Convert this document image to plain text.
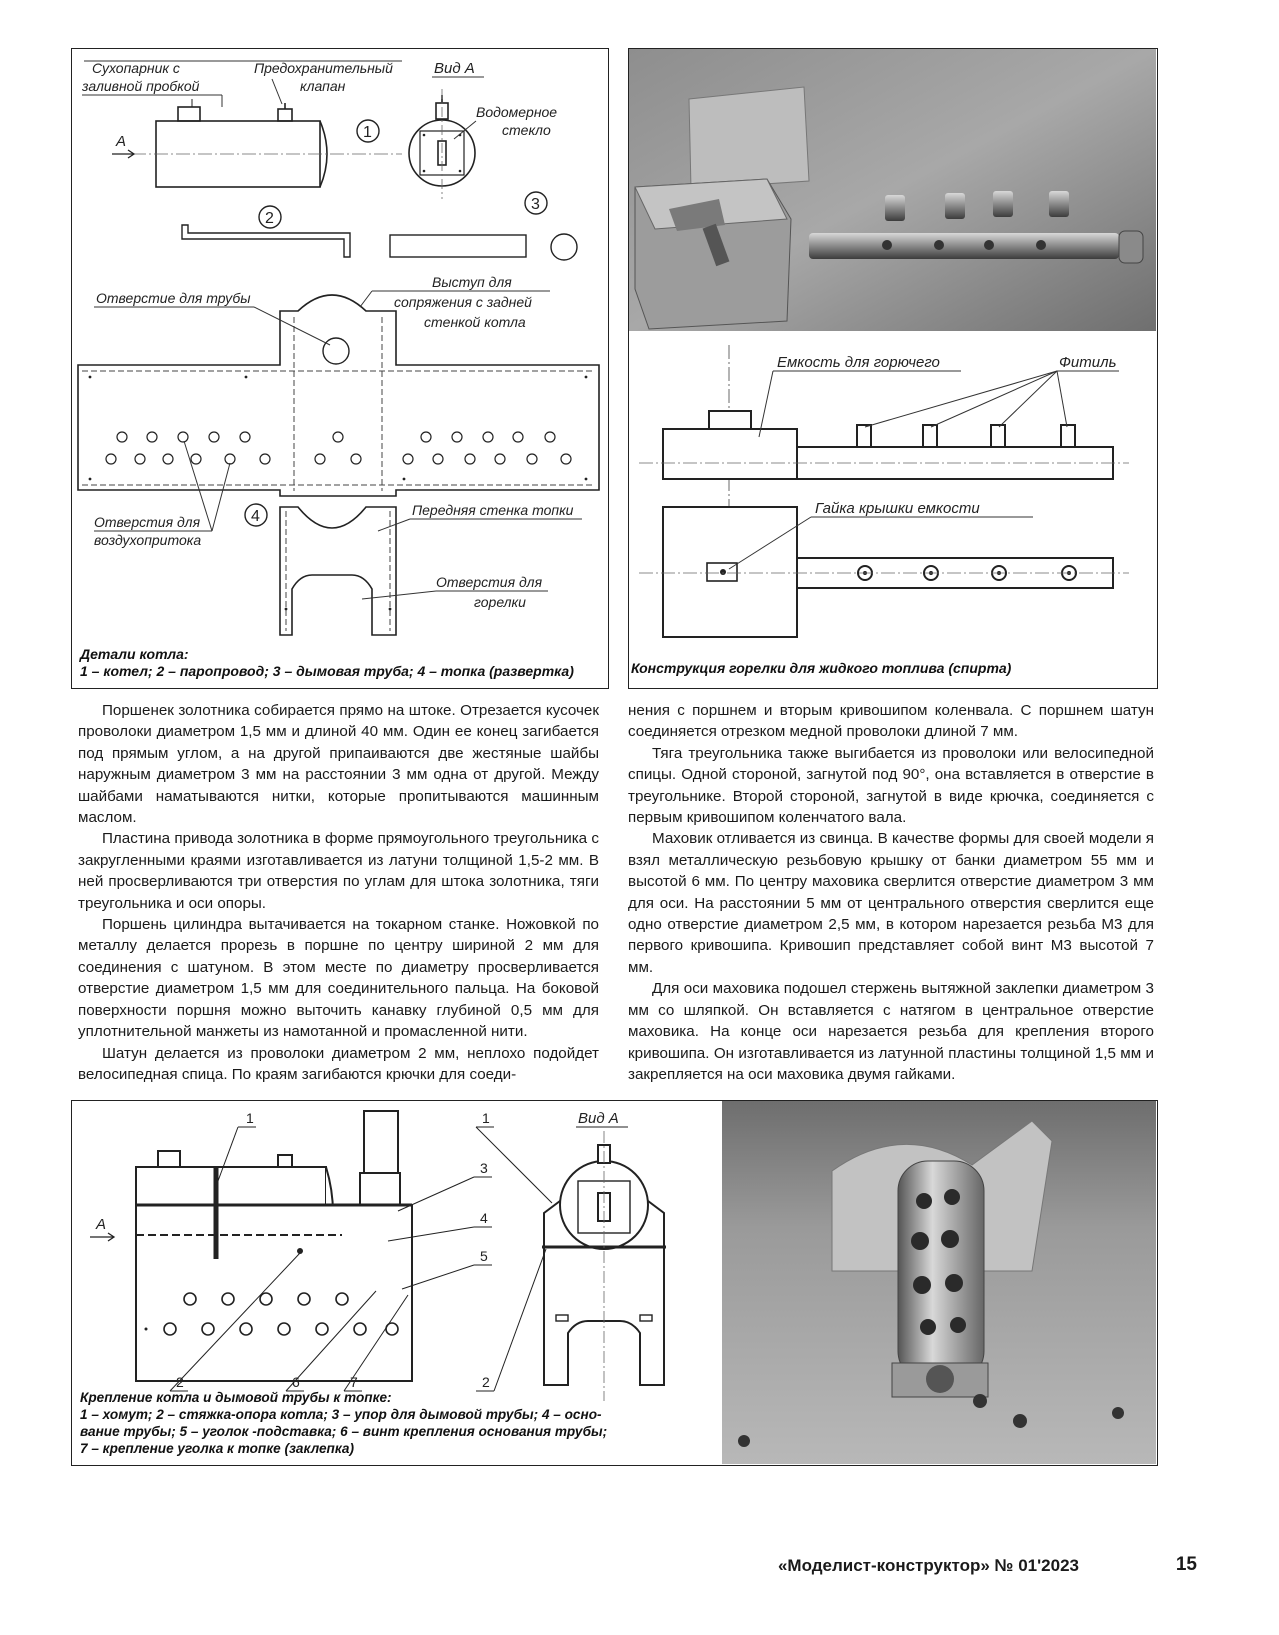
А
Сухопарник с
заливной пробкой
Предохранительный
клапан
1
Вид А
Водомерное
стекло
2
3
Отверстие для трубы
Выступ для
сопряжения с задней
стенкой котла
Отверстия для
воздухопритока
4	Передняя стенка топки
Отверстия для
горелки
Детали котла:
1 – котел; 2 – паропровод; 3 – дымовая труба; 4 – топка (развертка)
Емкость для горючего	Фитиль
Гайка крышки емкости
Конструкция горелки для жидкого топлива (спирта)

Поршенек золотника собирается прямо на штоке. Отрезается кусочек проволоки диаметром 1,5 мм и длиной 40 мм. Один ее конец загибается под прямым углом, а на другой припаиваются две жестяные шайбы наружным диаметром 3 мм на расстоянии 3 мм одна от другой. Между шайбами наматываются нитки, которые пропитываются машинным маслом.

Пластина привода золотника в форме прямоугольного треугольника с закругленными краями изготавливается из латуни толщиной 1,5-2 мм. В ней просверливаются три отверстия по углам для штока золотника, тяги треугольника и оси опоры.

Поршень цилиндра вытачивается на токарном станке. Ножовкой по металлу делается прорезь в поршне по центру шириной 2 мм для соединения с шатуном. В этом месте по диаметру просверливается отверстие диаметром 1,5 мм для соединительного пальца. На боковой поверхности поршня можно выточить канавку глубиной 0,5 мм для уплотнительной манжеты из намотанной и промасленной нити.

Шатун делается из проволоки диаметром 2 мм, неплохо подойдет велосипедная спица. По краям загибаются крючки для соеди-

нения с поршнем и вторым кривошипом коленвала. С поршнем шатун соединяется отрезком медной проволоки длиной 7 мм.

Тяга треугольника также выгибается из проволоки или велосипедной спицы. Одной стороной, загнутой под 90°, она вставляется в отверстие в треугольнике. Второй стороной, загнутой в виде крючка, соединяется с первым кривошипом коленчатого вала.

Маховик отливается из свинца. В качестве формы для своей модели я взял металлическую резьбовую крышку от банки диаметром 55 мм и высотой 6 мм. По центру маховика сверлится отверстие диаметром 3 мм для оси. На расстоянии 5 мм от центрального отверстия сверлится еще одно отверстие диаметром 2,5 мм, в котором нарезается резьба М3 для первого кривошипа. Кривошип представляет собой винт М3 высотой 7 мм.

Для оси маховика подошел стержень вытяжной заклепки диаметром 3 мм со шляпкой. Он вставляется с натягом в центральное отверстие маховика. На конце оси нарезается резьба для крепления второго кривошипа. Он изготавливается из латунной пластины толщиной 1,5 мм и закрепляется на оси маховика двумя гайками.

А
1
3
4
5
2	6	7
Вид А
1
2
Крепление котла и дымовой трубы к топке:
1 – хомут; 2 – стяжка-опора котла; 3 – упор для дымовой трубы; 4 – осно-
вание трубы; 5 – уголок -подставка; 6 – винт крепления основания трубы;
7 – крепление уголка к топке (заклепка)
«Моделист-конструктор» № 01'2023	15
